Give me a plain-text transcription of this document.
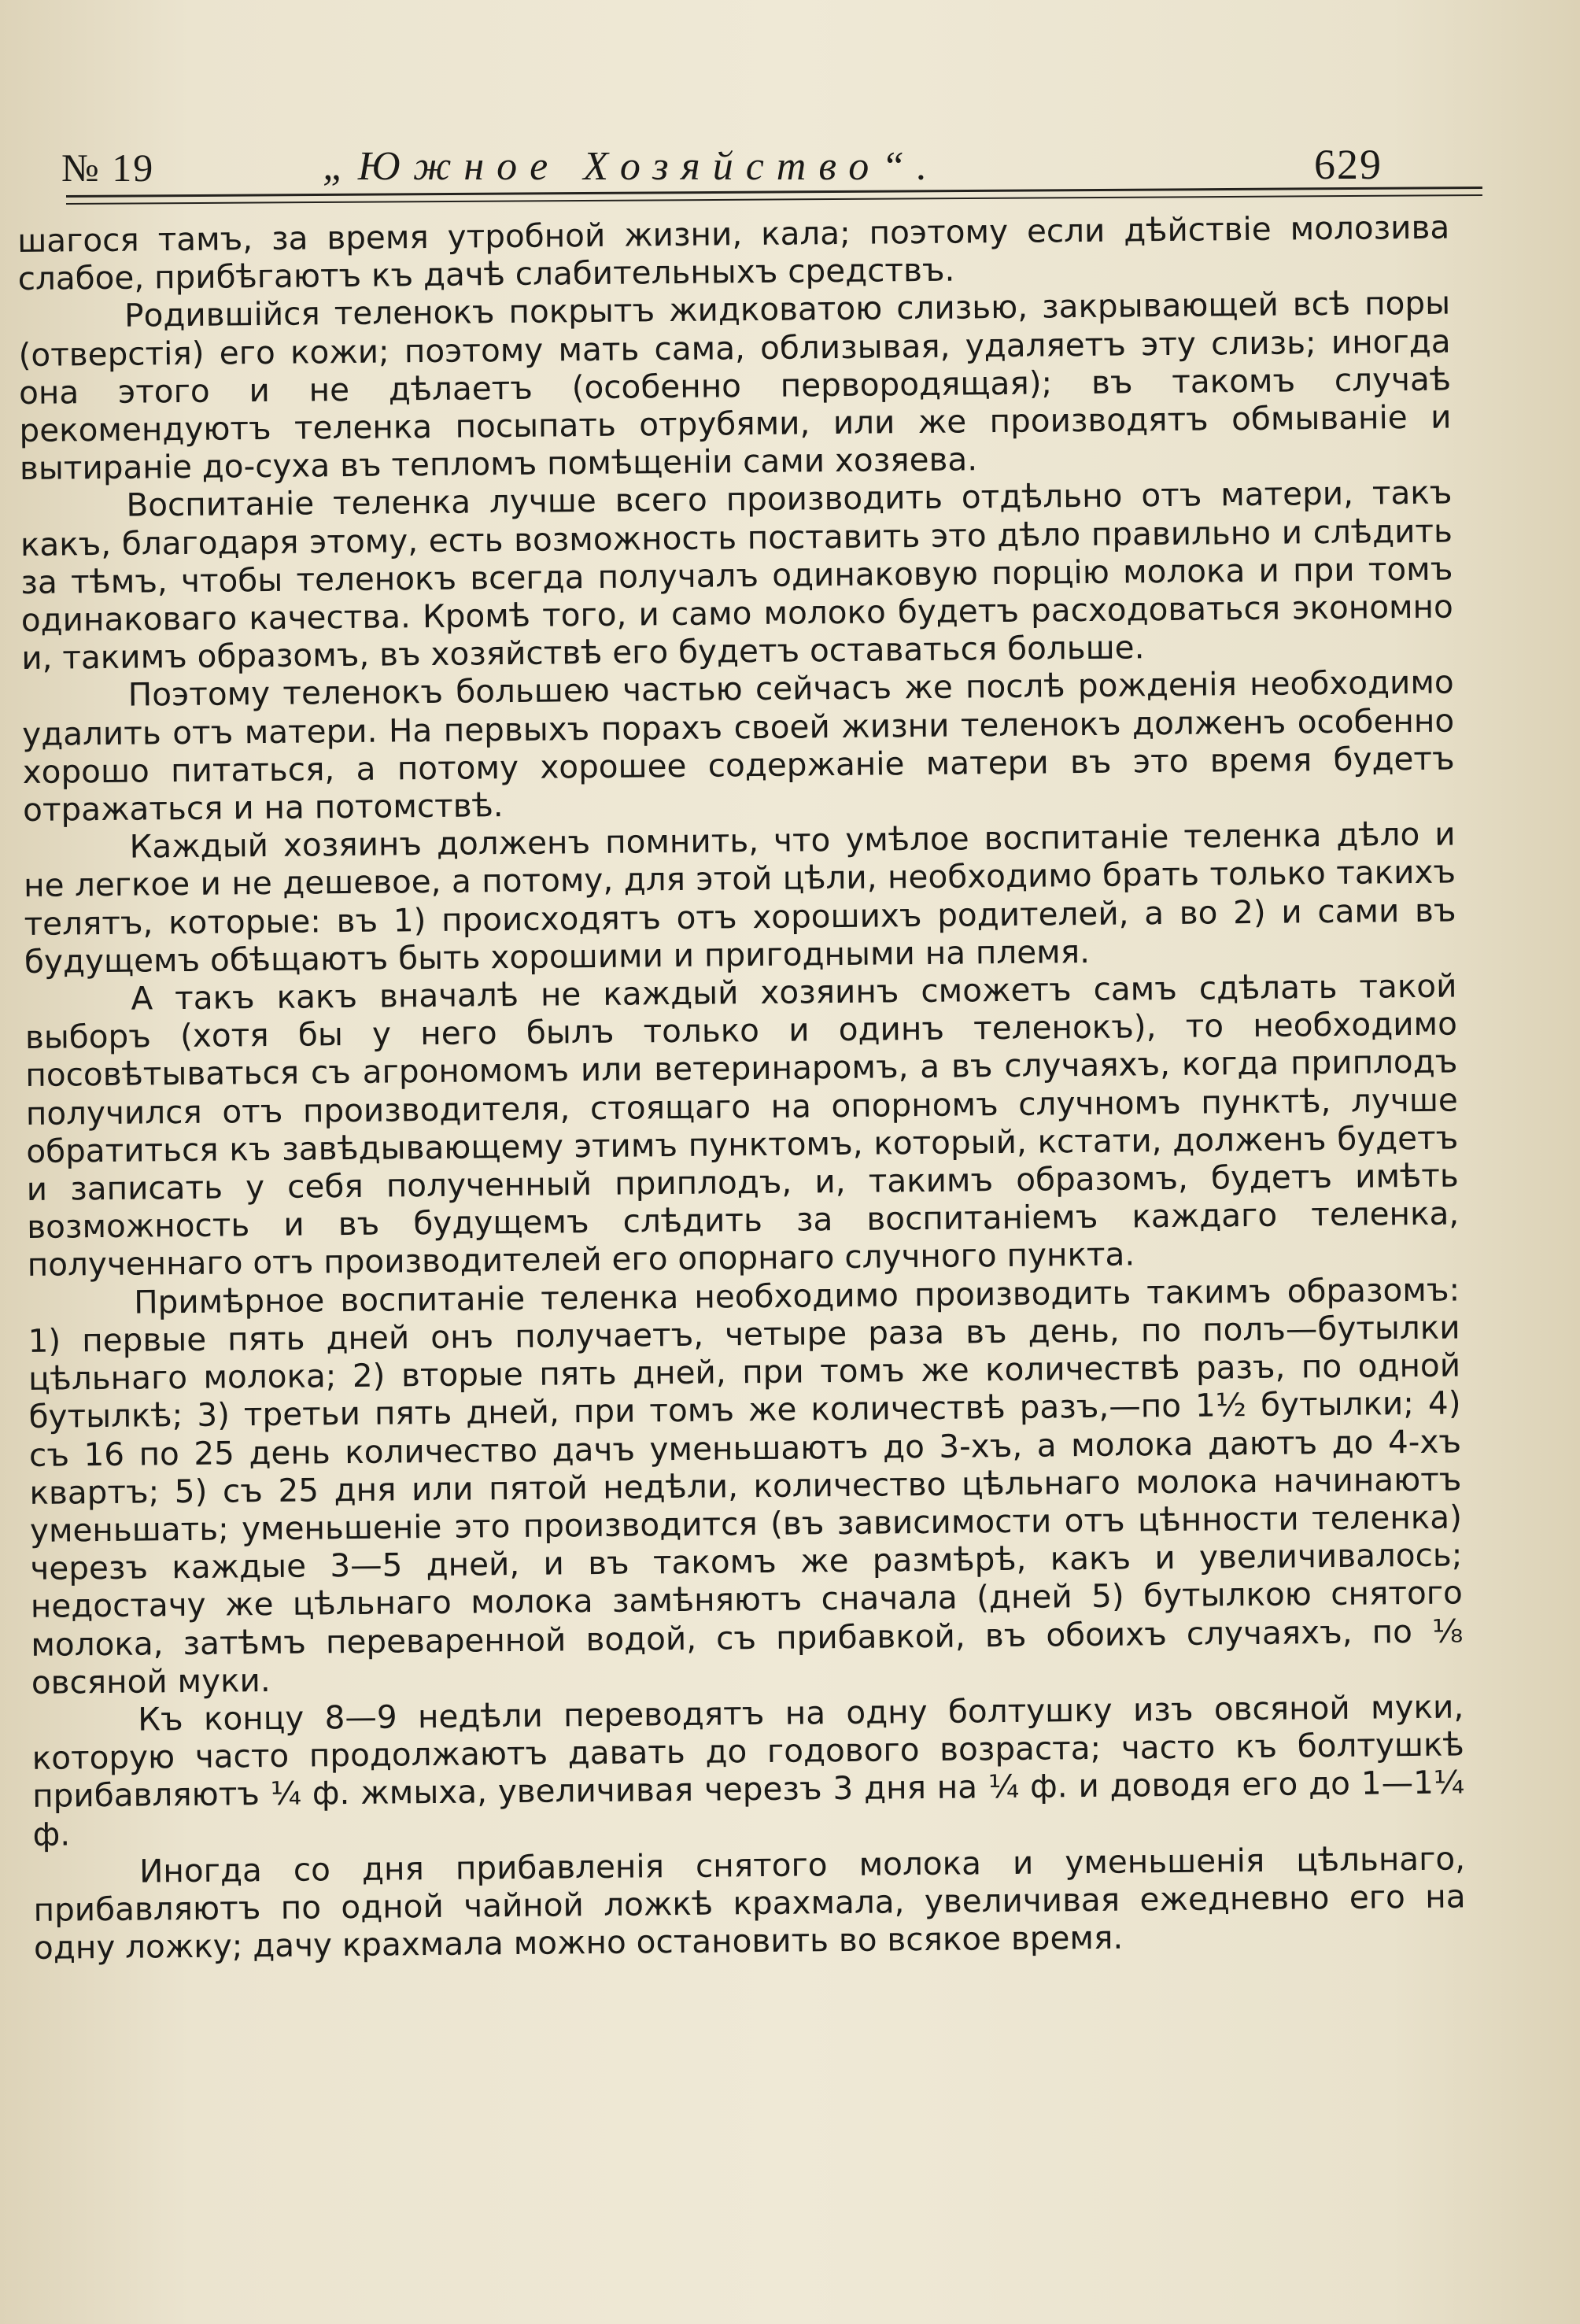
№ 19	„Южное Хозяйство“.	629

шагося тамъ, за время утробной жизни, кала; поэтому если дѣйствіе молозива слабое, прибѣгаютъ къ дачѣ слабительныхъ средствъ.

Родившійся теленокъ покрытъ жидковатою слизью, закрывающей всѣ поры (отверстія) его кожи; поэтому мать сама, облизывая, удаляетъ эту слизь; иногда она этого и не дѣлаетъ (особенно первородящая); въ такомъ случаѣ рекомендуютъ теленка посыпать отрубями, или же производятъ обмываніе и вытираніе до-суха въ тепломъ помѣщеніи сами хозяева.

Воспитаніе теленка лучше всего производить отдѣльно отъ матери, такъ какъ, благодаря этому, есть возможность поставить это дѣло правильно и слѣдить за тѣмъ, чтобы теленокъ всегда получалъ одинаковую порцію молока и при томъ одинаковаго качества. Кромѣ того, и само молоко будетъ расходоваться экономно и, такимъ образомъ, въ хозяйствѣ его будетъ оставаться больше.

Поэтому теленокъ большею частью сейчасъ же послѣ рожденія необходимо удалить отъ матери. На первыхъ порахъ своей жизни теленокъ долженъ особенно хорошо питаться, а потому хорошее содержаніе матери въ это время будетъ отражаться и на потомствѣ.

Каждый хозяинъ долженъ помнить, что умѣлое воспитаніе теленка дѣло и не легкое и не дешевое, а потому, для этой цѣли, необходимо брать только такихъ телятъ, которые: въ 1) происходятъ отъ хорошихъ родителей, а во 2) и сами въ будущемъ обѣщаютъ быть хорошими и пригодными на племя.

А такъ какъ вначалѣ не каждый хозяинъ сможетъ самъ сдѣлать такой выборъ (хотя бы у него былъ только и одинъ теленокъ), то необходимо посовѣтываться съ агрономомъ или ветеринаромъ, а въ случаяхъ, когда приплодъ получился отъ производителя, стоящаго на опорномъ случномъ пунктѣ, лучше обратиться къ завѣдывающему этимъ пунктомъ, который, кстати, долженъ будетъ и записать у себя полученный приплодъ, и, такимъ образомъ, будетъ имѣть возможность и въ будущемъ слѣдить за воспитаніемъ каждаго теленка, полученнаго отъ производителей его опорнаго случного пункта.

Примѣрное воспитаніе теленка необходимо производить такимъ образомъ: 1) первые пять дней онъ получаетъ, четыре раза въ день, по полъ—бутылки цѣльнаго молока; 2) вторые пять дней, при томъ же количествѣ разъ, по одной бутылкѣ; 3) третьи пять дней, при томъ же количествѣ разъ,—по 1½ бутылки; 4) съ 16 по 25 день количество дачъ уменьшаютъ до 3-хъ, а молока даютъ до 4-хъ квартъ; 5) съ 25 дня или пятой недѣли, количество цѣльнаго молока начинаютъ уменьшать; уменьшеніе это производится (въ зависимости отъ цѣнности теленка) черезъ каждые 3—5 дней, и въ такомъ же размѣрѣ, какъ и увеличивалось; недостачу же цѣльнаго молока замѣняютъ сначала (дней 5) бутылкою снятого молока, затѣмъ переваренной водой, съ прибавкой, въ обоихъ случаяхъ, по ⅛ овсяной муки.

Къ концу 8—9 недѣли переводятъ на одну болтушку изъ овсяной муки, которую часто продолжаютъ давать до годового возраста; часто къ болтушкѣ прибавляютъ ¼ ф. жмыха, увеличивая черезъ 3 дня на ¼ ф. и доводя его до 1—1¼ ф.

Иногда со дня прибавленія снятого молока и уменьшенія цѣльнаго, прибавляютъ по одной чайной ложкѣ крахмала, увеличивая ежедневно его на одну ложку; дачу крахмала можно остановить во всякое время.
